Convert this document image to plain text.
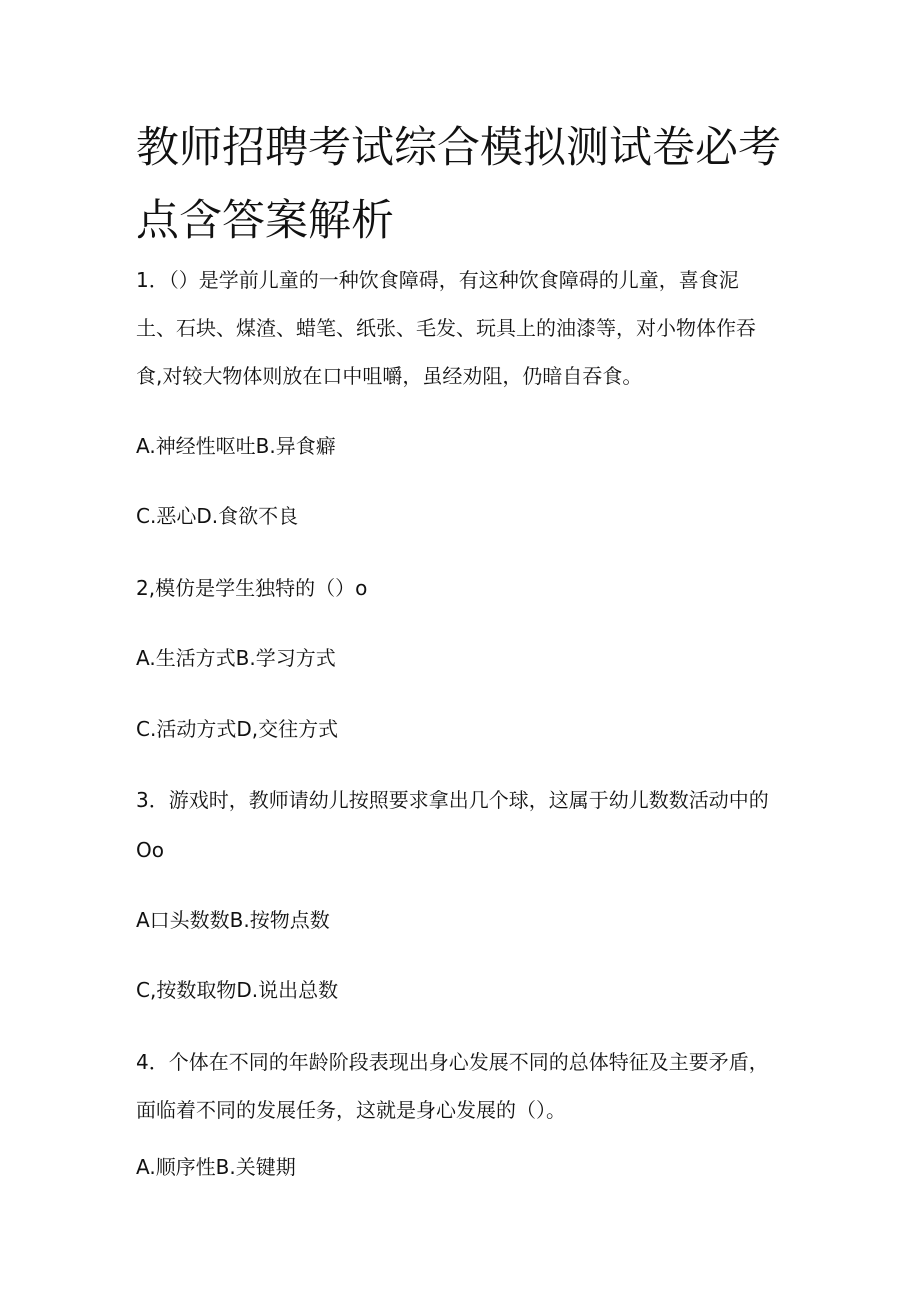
教师招聘考试综合模拟测试卷必考
点含答案解析
1．（）是学前儿童的一种饮食障碍，有这种饮食障碍的儿童，喜食泥
土、石块、煤渣、蜡笔、纸张、毛发、玩具上的油漆等，对小物体作吞
食,对较大物体则放在口中咀嚼，虽经劝阻，仍暗自吞食。
A.神经性呕吐B.异食癖
C.恶心D.食欲不良
2,模仿是学生独特的（）o
A.生活方式B.学习方式
C.活动方式D,交往方式
3．游戏时，教师请幼儿按照要求拿出几个球，这属于幼儿数数活动中的
Oo
A口头数数B.按物点数
C,按数取物D.说出总数
4．个体在不同的年龄阶段表现出身心发展不同的总体特征及主要矛盾，
面临着不同的发展任务，这就是身心发展的（）。
A.顺序性B.关键期
